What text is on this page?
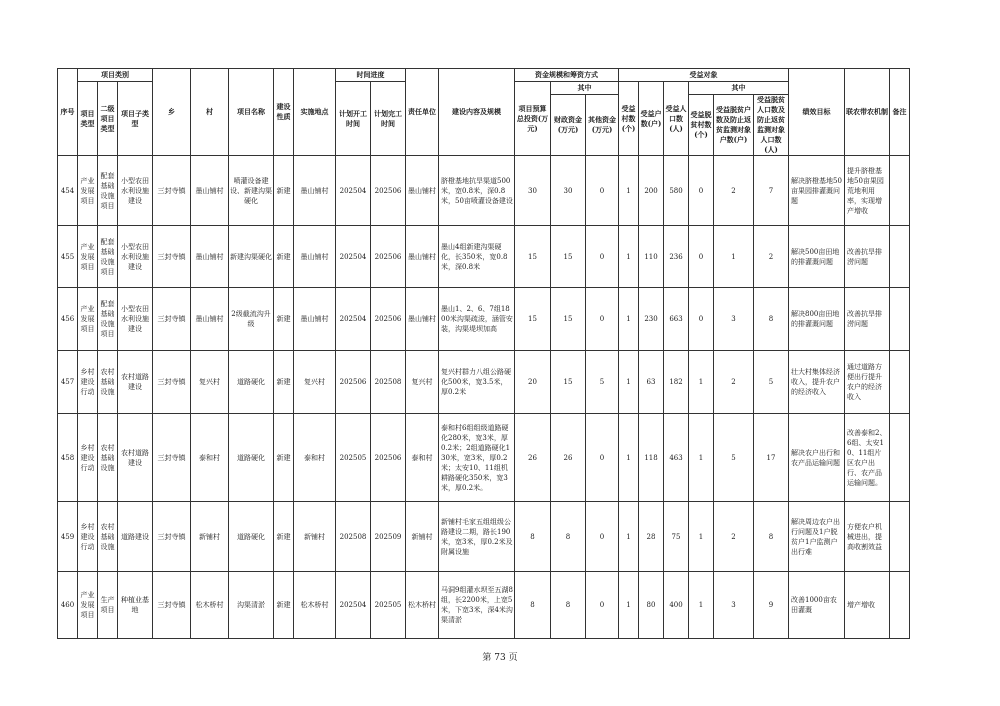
序号	项目类别			乡	村	项目名称	建设性质	实施地点	时间进度		责任单位	建设内容及规模	资金规模和筹资方式			受益对象						绩效目标	联农带农机制	备注
	项目类型	二级项目类型	项目子类型						计划开工时间	计划完工时间			项目预算总投资(万元)	其中		受益村数(个)	受益户数(户)	受益人口数(人)	其中					
														财政资金(万元)	其他资金(万元)				受益脱贫村数(个)	受益脱贫户数及防止返贫监测对象户数(户)	受益脱贫人口数及防止返贫监测对象人口数(人)			
454	产业发展项目	配套基础设施项目	小型农田水利设施建设	三封寺镇	墨山铺村	喷灌设备建设、新建沟渠硬化	新建	墨山铺村	202504	202506	墨山铺村	脐橙基地抗旱渠道500米，宽0.8米，深0.8米，50亩喷灌设备建设	30	30	0	1	200	580	0	2	7	解决脐橙基地50亩果园排灌溉问题	提升脐橙基地50亩果园荒地利用率，实现增产增收	
455	产业发展项目	配套基础设施项目	小型农田水利设施建设	三封寺镇	墨山铺村	新建沟渠硬化	新建	墨山铺村	202504	202506	墨山铺村	墨山4组新建沟渠硬化，长350米，宽0.8米，深0.8米	15	15	0	1	110	236	0	1	2	解决500亩田地的排灌溉问题	改善抗旱排涝问题	
456	产业发展项目	配套基础设施项目	小型农田水利设施建设	三封寺镇	墨山铺村	2级截流沟升级	新建	墨山铺村	202504	202506	墨山铺村	墨山1、2、6、7组1800米沟渠疏浚，涵管安装，沟渠堤坝加高	15	15	0	1	230	663	0	3	8	解决800亩田地的排灌溉问题	改善抗旱排涝问题	
457	乡村建设行动	农村基础设施	农村道路建设	三封寺镇	复兴村	道路硬化	新建	复兴村	202506	202508	复兴村	复兴村群力八组公路硬化500米，宽3.5米，厚0.2米	20	15	5	1	63	182	1	2	5	壮大村集体经济收入，提升农户的经济收入	通过道路方便出行提升农户的经济收入	
458	乡村建设行动	农村基础设施	农村道路建设	三封寺镇	泰和村	道路硬化	新建	泰和村	202505	202506	泰和村	泰和村6组组级道路硬化280米，宽3米，厚0.2米；2组道路硬化130米，宽3米，厚0.2米；太安10、11组机耕路硬化350米，宽3米，厚0.2米。	26	26	0	1	118	463	1	5	17	解决农户出行和农产品运输问题	改善泰和2、6组、太安10、11组片区农户出行、农产品运输问题。	
459	乡村建设行动	农村基础设施	道路建设	三封寺镇	新铺村	道路硬化	新建	新铺村	202508	202509	新铺村	新铺村毛家五组组级公路建设二期，路长190米，宽3米，厚0.2米及附属设施	8	8	0	1	28	75	1	2	8	解决周边农户出行问题及1户脱贫户1户监测户出行难	方便农户机械进出，提高收割效益	
460	产业发展项目	生产项目	种植业基地	三封寺镇	松木桥村	沟渠清淤	新建	松木桥村	202504	202505	松木桥村	马洞9组灌水坝至五湖8组，长2200米，上宽5米，下宽3米，深4米沟渠清淤	8	8	0	1	80	400	1	3	9	改善1000亩农田灌溉	增产增收	
第 73 页
